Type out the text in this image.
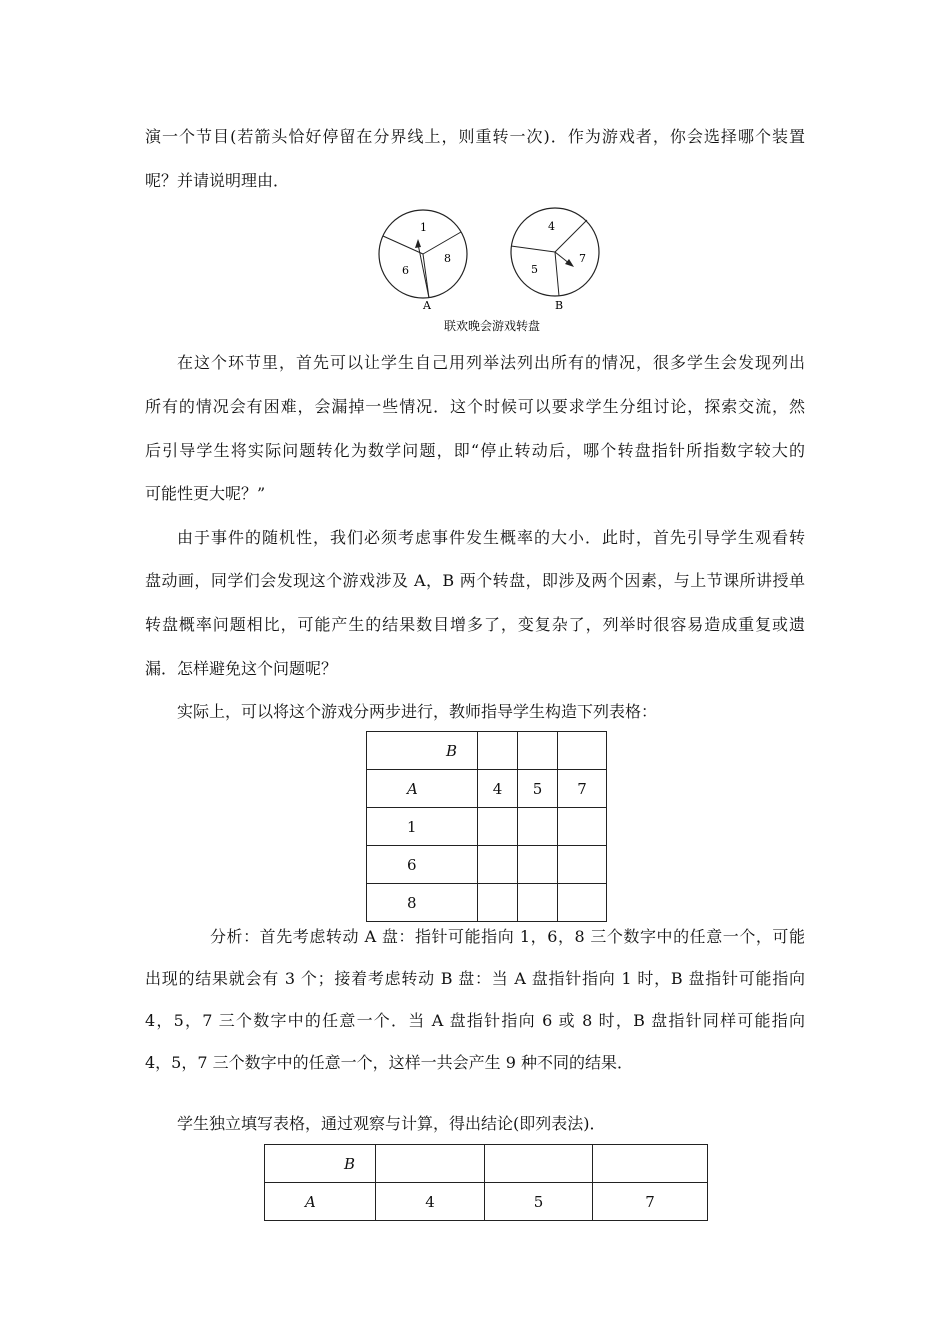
演一个节目(若箭头恰好停留在分界线上，则重转一次)．作为游戏者，你会选择哪个装置
呢？并请说明理由．
1
6
8
A
4
5
7
B
联欢晚会游戏转盘
在这个环节里，首先可以让学生自己用列举法列出所有的情况，很多学生会发现列出
所有的情况会有困难，会漏掉一些情况．这个时候可以要求学生分组讨论，探索交流，然
后引导学生将实际问题转化为数学问题，即“停止转动后，哪个转盘指针所指数字较大的
可能性更大呢？”
由于事件的随机性，我们必须考虑事件发生概率的大小．此时，首先引导学生观看转
盘动画，同学们会发现这个游戏涉及 A，B 两个转盘，即涉及两个因素，与上节课所讲授单
转盘概率问题相比，可能产生的结果数目增多了，变复杂了，列举时很容易造成重复或遗
漏．怎样避免这个问题呢？
实际上，可以将这个游戏分两步进行，教师指导学生构造下列表格：
B			
A	4	5	7
1			
6			
8			
分析：首先考虑转动 A 盘：指针可能指向 1，6，8 三个数字中的任意一个，可能
出现的结果就会有 3 个；接着考虑转动 B 盘：当 A 盘指针指向 1 时，B 盘指针可能指向
4，5，7 三个数字中的任意一个．当 A 盘指针指向 6 或 8 时，B 盘指针同样可能指向
4，5，7 三个数字中的任意一个，这样一共会产生 9 种不同的结果．
学生独立填写表格，通过观察与计算，得出结论(即列表法)．
B			
A	4	5	7
